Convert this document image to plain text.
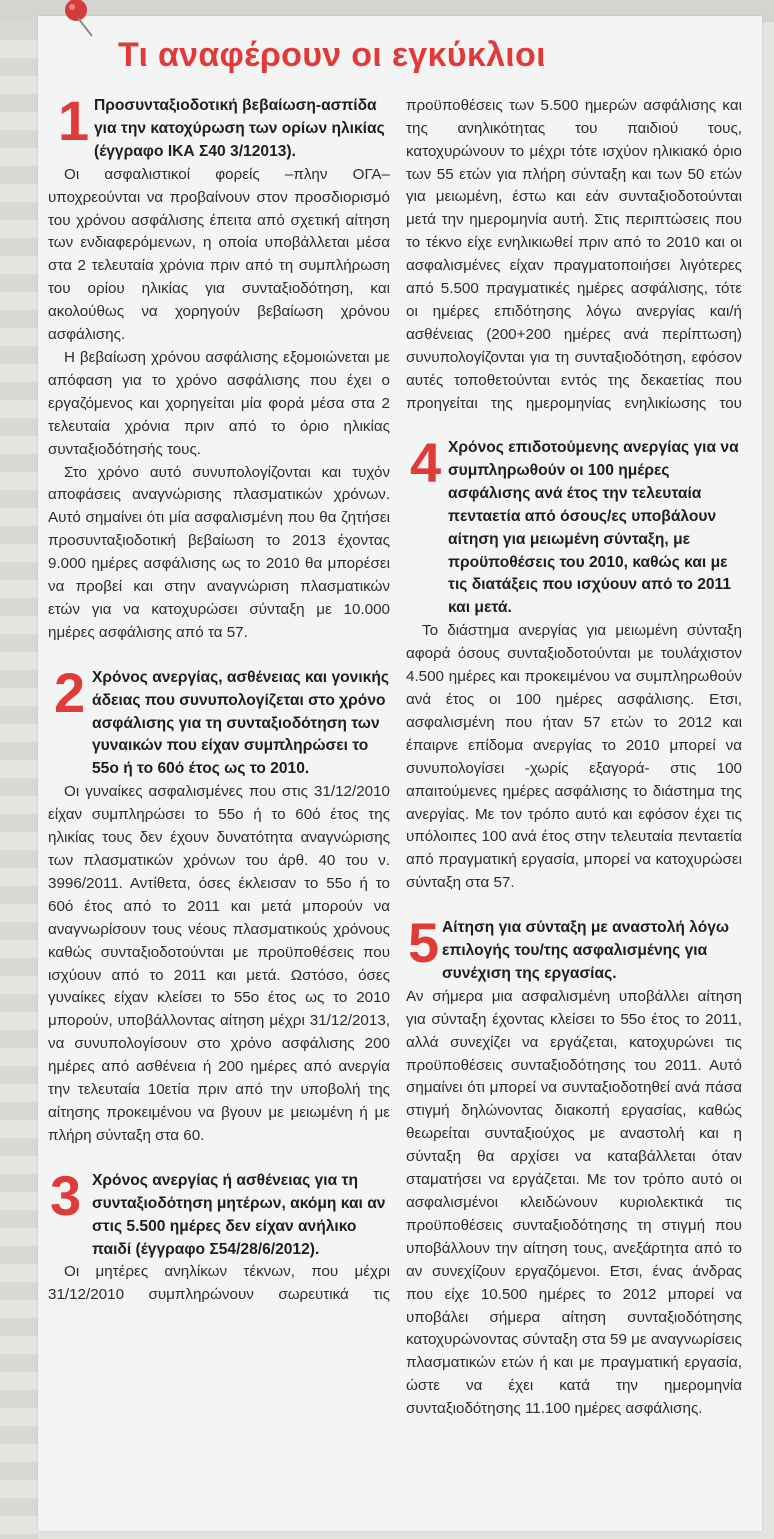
Τι αναφέρουν οι εγκύκλιοι
1 Προσυνταξιοδοτική βεβαίωση-ασπίδα για την κατοχύρωση των ορίων ηλικίας (έγγραφο ΙΚΑ Σ40 3/12013).

Οι ασφαλιστικοί φορείς –πλην ΟΓΑ– υποχρεούνται να προβαίνουν στον προσδιορισμό του χρόνου ασφάλισης έπειτα από σχετική αίτηση των ενδιαφερόμενων, η οποία υποβάλλεται μέσα στα 2 τελευταία χρόνια πριν από τη συμπλήρωση του ορίου ηλικίας για συνταξιοδότηση, και ακολούθως να χορηγούν βεβαίωση χρόνου ασφάλισης.

Η βεβαίωση χρόνου ασφάλισης εξομοιώνεται με απόφαση για το χρόνο ασφάλισης που έχει ο εργαζόμενος και χορηγείται μία φορά μέσα στα 2 τελευταία χρόνια πριν από το όριο ηλικίας συνταξιοδότησής τους.

Στο χρόνο αυτό συνυπολογίζονται και τυχόν αποφάσεις αναγνώρισης πλασματικών χρόνων. Αυτό σημαίνει ότι μία ασφαλισμένη που θα ζητήσει προσυνταξιοδοτική βεβαίωση το 2013 έχοντας 9.000 ημέρες ασφάλισης ως το 2010 θα μπορέσει να προβεί και στην αναγνώριση πλασματικών ετών για να κατοχυρώσει σύνταξη με 10.000 ημέρες ασφάλισης από τα 57.

2 Χρόνος ανεργίας, ασθένειας και γονικής άδειας που συνυπολογίζεται στο χρόνο ασφάλισης για τη συνταξιοδότηση των γυναικών που είχαν συμπληρώσει το 55ο ή το 60ό έτος ως το 2010.

Οι γυναίκες ασφαλισμένες που στις 31/12/2010 είχαν συμπληρώσει το 55ο ή το 60ό έτος της ηλικίας τους δεν έχουν δυνατότητα αναγνώρισης των πλασματικών χρόνων του άρθ. 40 του ν. 3996/2011. Αντίθετα, όσες έκλεισαν το 55ο ή το 60ό έτος από το 2011 και μετά μπορούν να αναγνωρίσουν τους νέους πλασματικούς χρόνους καθώς συνταξιοδοτούνται με προϋποθέσεις που ισχύουν από το 2011 και μετά. Ωστόσο, όσες γυναίκες είχαν κλείσει το 55ο έτος ως το 2010 μπορούν, υποβάλλοντας αίτηση μέχρι 31/12/2013, να συνυπολογίσουν στο χρόνο ασφάλισης 200 ημέρες από ασθένεια ή 200 ημέρες από ανεργία την τελευταία 10ετία πριν από την υποβολή της αίτησης προκειμένου να βγουν με μειωμένη ή με πλήρη σύνταξη στα 60.

3 Χρόνος ανεργίας ή ασθένειας για τη συνταξιοδότηση μητέρων, ακόμη και αν στις 5.500 ημέρες δεν είχαν ανήλικο παιδί (έγγραφο Σ54/28/6/2012).

Οι μητέρες ανηλίκων τέκνων, που μέχρι 31/12/2010 συμπληρώνουν σωρευτικά τις

προϋποθέσεις των 5.500 ημερών ασφάλισης και της ανηλικότητας του παιδιού τους, κατοχυρώνουν το μέχρι τότε ισχύον ηλικιακό όριο των 55 ετών για πλήρη σύνταξη και των 50 ετών για μειωμένη, έστω και εάν συνταξιοδοτούνται μετά την ημερομηνία αυτή. Στις περιπτώσεις που το τέκνο είχε ενηλικιωθεί πριν από το 2010 και οι ασφαλισμένες είχαν πραγματοποιήσει λιγότερες από 5.500 πραγματικές ημέρες ασφάλισης, τότε οι ημέρες επιδότησης λόγω ανεργίας και/ή ασθένειας (200+200 ημέρες ανά περίπτωση) συνυπολογίζονται για τη συνταξιοδότηση, εφόσον αυτές τοποθετούνται εντός της δεκαετίας που προηγείται της ημερομηνίας ενηλικίωσης του

4 Χρόνος επιδοτούμενης ανεργίας για να συμπληρωθούν οι 100 ημέρες ασφάλισης ανά έτος την τελευταία πενταετία από όσους/ες υποβάλουν αίτηση για μειωμένη σύνταξη, με προϋποθέσεις του 2010, καθώς και με τις διατάξεις που ισχύουν από το 2011 και μετά.

Το διάστημα ανεργίας για μειωμένη σύνταξη αφορά όσους συνταξιοδοτούνται με τουλάχιστον 4.500 ημέρες και προκειμένου να συμπληρωθούν ανά έτος οι 100 ημέρες ασφάλισης. Ετσι, ασφαλισμένη που ήταν 57 ετών το 2012 και έπαιρνε επίδομα ανεργίας το 2010 μπορεί να συνυπολογίσει -χωρίς εξαγορά- στις 100 απαιτούμενες ημέρες ασφάλισης το διάστημα της ανεργίας. Με τον τρόπο αυτό και εφόσον έχει τις υπόλοιπες 100 ανά έτος στην τελευταία πενταετία από πραγματική εργασία, μπορεί να κατοχυρώσει σύνταξη στα 57.

5 Αίτηση για σύνταξη με αναστολή λόγω επιλογής του/της ασφαλισμένης για συνέχιση της εργασίας.

Αν σήμερα μια ασφαλισμένη υποβάλλει αίτηση για σύνταξη έχοντας κλείσει το 55ο έτος το 2011, αλλά συνεχίζει να εργάζεται, κατοχυρώνει τις προϋποθέσεις συνταξιοδότησης του 2011. Αυτό σημαίνει ότι μπορεί να συνταξιοδοτηθεί ανά πάσα στιγμή δηλώνοντας διακοπή εργασίας, καθώς θεωρείται συνταξιούχος με αναστολή και η σύνταξη θα αρχίσει να καταβάλλεται όταν σταματήσει να εργάζεται. Με τον τρόπο αυτό οι ασφαλισμένοι κλειδώνουν κυριολεκτικά τις προϋποθέσεις συνταξιοδότησης τη στιγμή που υποβάλλουν την αίτηση τους, ανεξάρτητα από το αν συνεχίζουν εργαζόμενοι. Ετσι, ένας άνδρας που είχε 10.500 ημέρες το 2012 μπορεί να υποβάλει σήμερα αίτηση συνταξιοδότησης κατοχυρώνοντας σύνταξη στα 59 με αναγνωρίσεις πλασματικών ετών ή και με πραγματική εργασία, ώστε να έχει κατά την ημερομηνία συνταξιοδότησης 11.100 ημέρες ασφάλισης.
